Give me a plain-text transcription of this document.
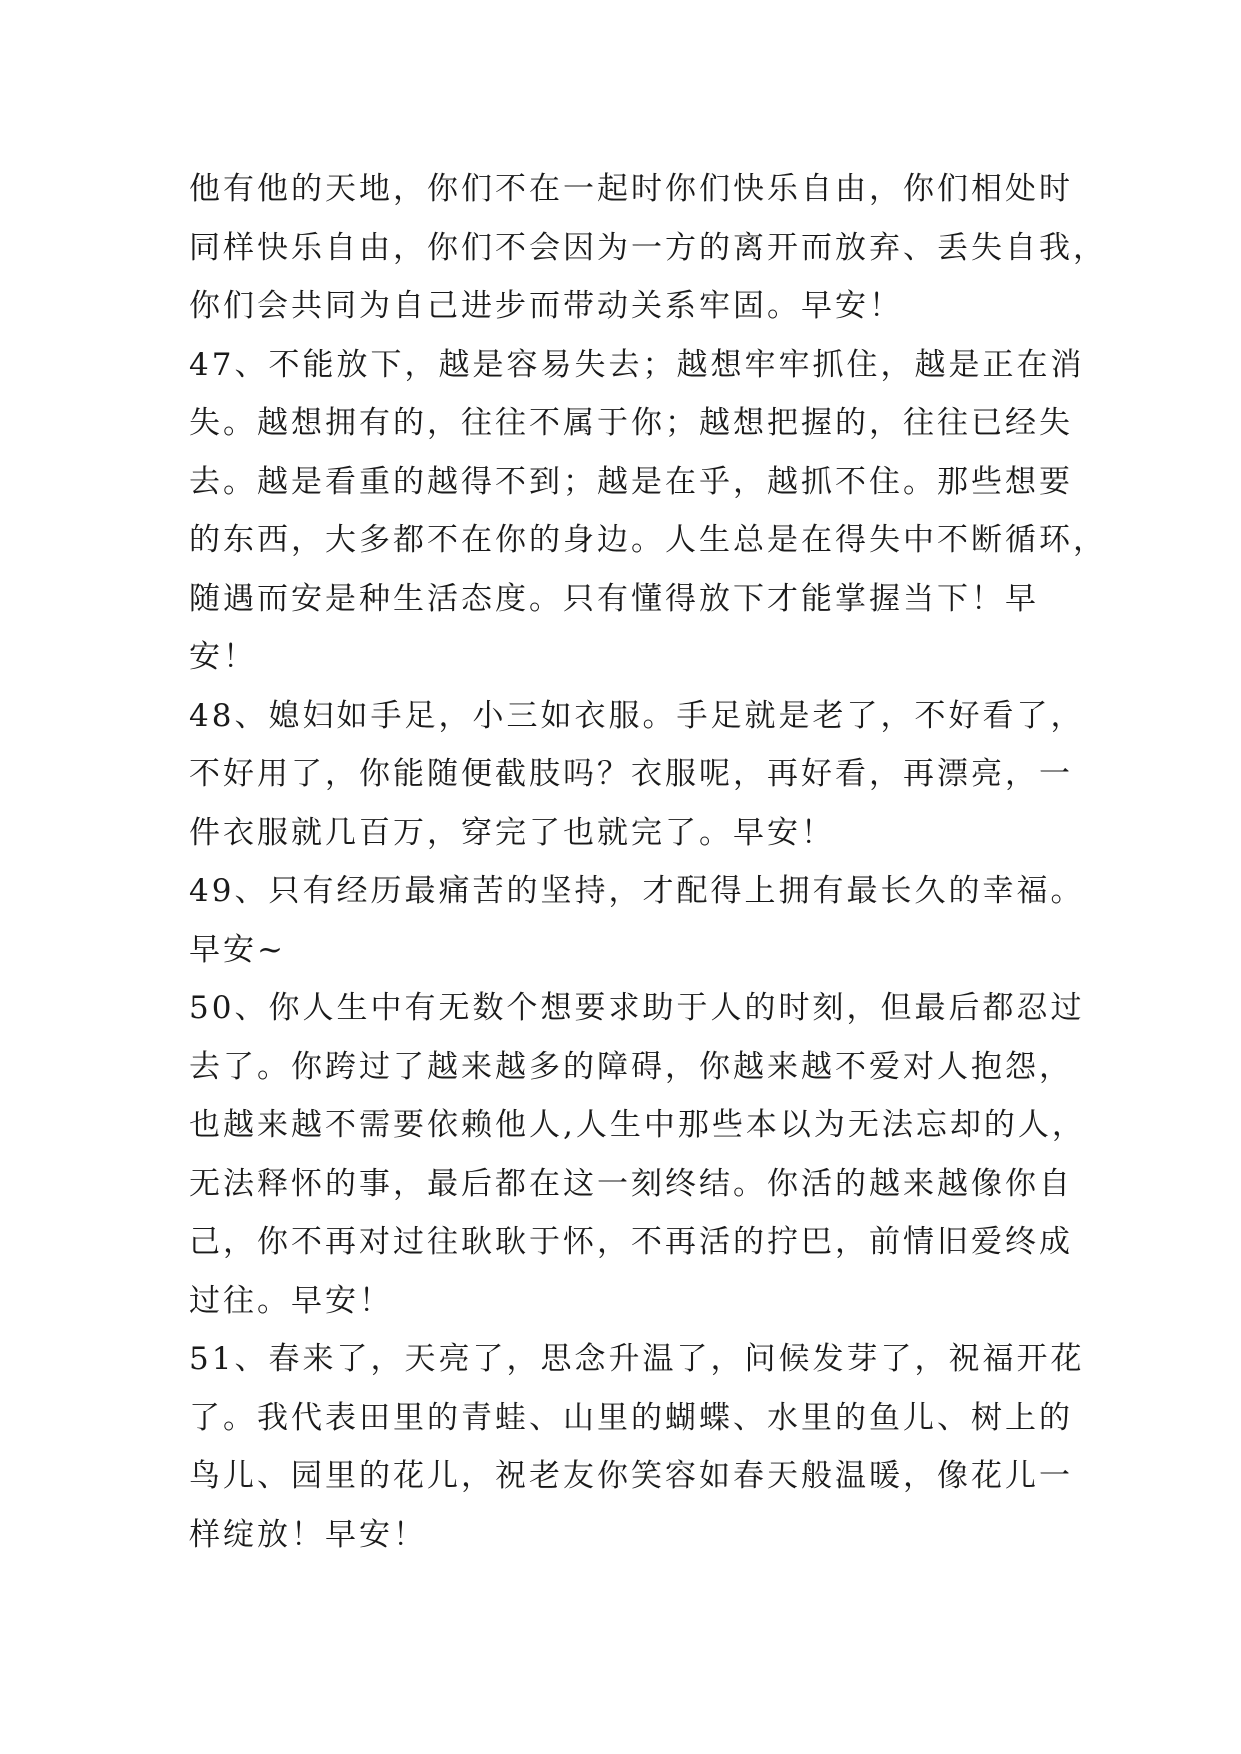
他有他的天地，你们不在一起时你们快乐自由，你们相处时
同样快乐自由，你们不会因为一方的离开而放弃、丢失自我，
你们会共同为自己进步而带动关系牢固。早安！
47、不能放下，越是容易失去；越想牢牢抓住，越是正在消
失。越想拥有的，往往不属于你；越想把握的，往往已经失
去。越是看重的越得不到；越是在乎，越抓不住。那些想要
的东西，大多都不在你的身边。人生总是在得失中不断循环，
随遇而安是种生活态度。只有懂得放下才能掌握当下！早
安！
48、媳妇如手足，小三如衣服。手足就是老了，不好看了，
不好用了，你能随便截肢吗？衣服呢，再好看，再漂亮，一
件衣服就几百万，穿完了也就完了。早安！
49、只有经历最痛苦的坚持，才配得上拥有最长久的幸福。
早安~
50、你人生中有无数个想要求助于人的时刻，但最后都忍过
去了。你跨过了越来越多的障碍，你越来越不爱对人抱怨，
也越来越不需要依赖他人,人生中那些本以为无法忘却的人，
无法释怀的事，最后都在这一刻终结。你活的越来越像你自
己，你不再对过往耿耿于怀，不再活的拧巴，前情旧爱终成
过往。早安！
51、春来了，天亮了，思念升温了，问候发芽了，祝福开花
了。我代表田里的青蛙、山里的蝴蝶、水里的鱼儿、树上的
鸟儿、园里的花儿，祝老友你笑容如春天般温暖，像花儿一
样绽放！早安！
